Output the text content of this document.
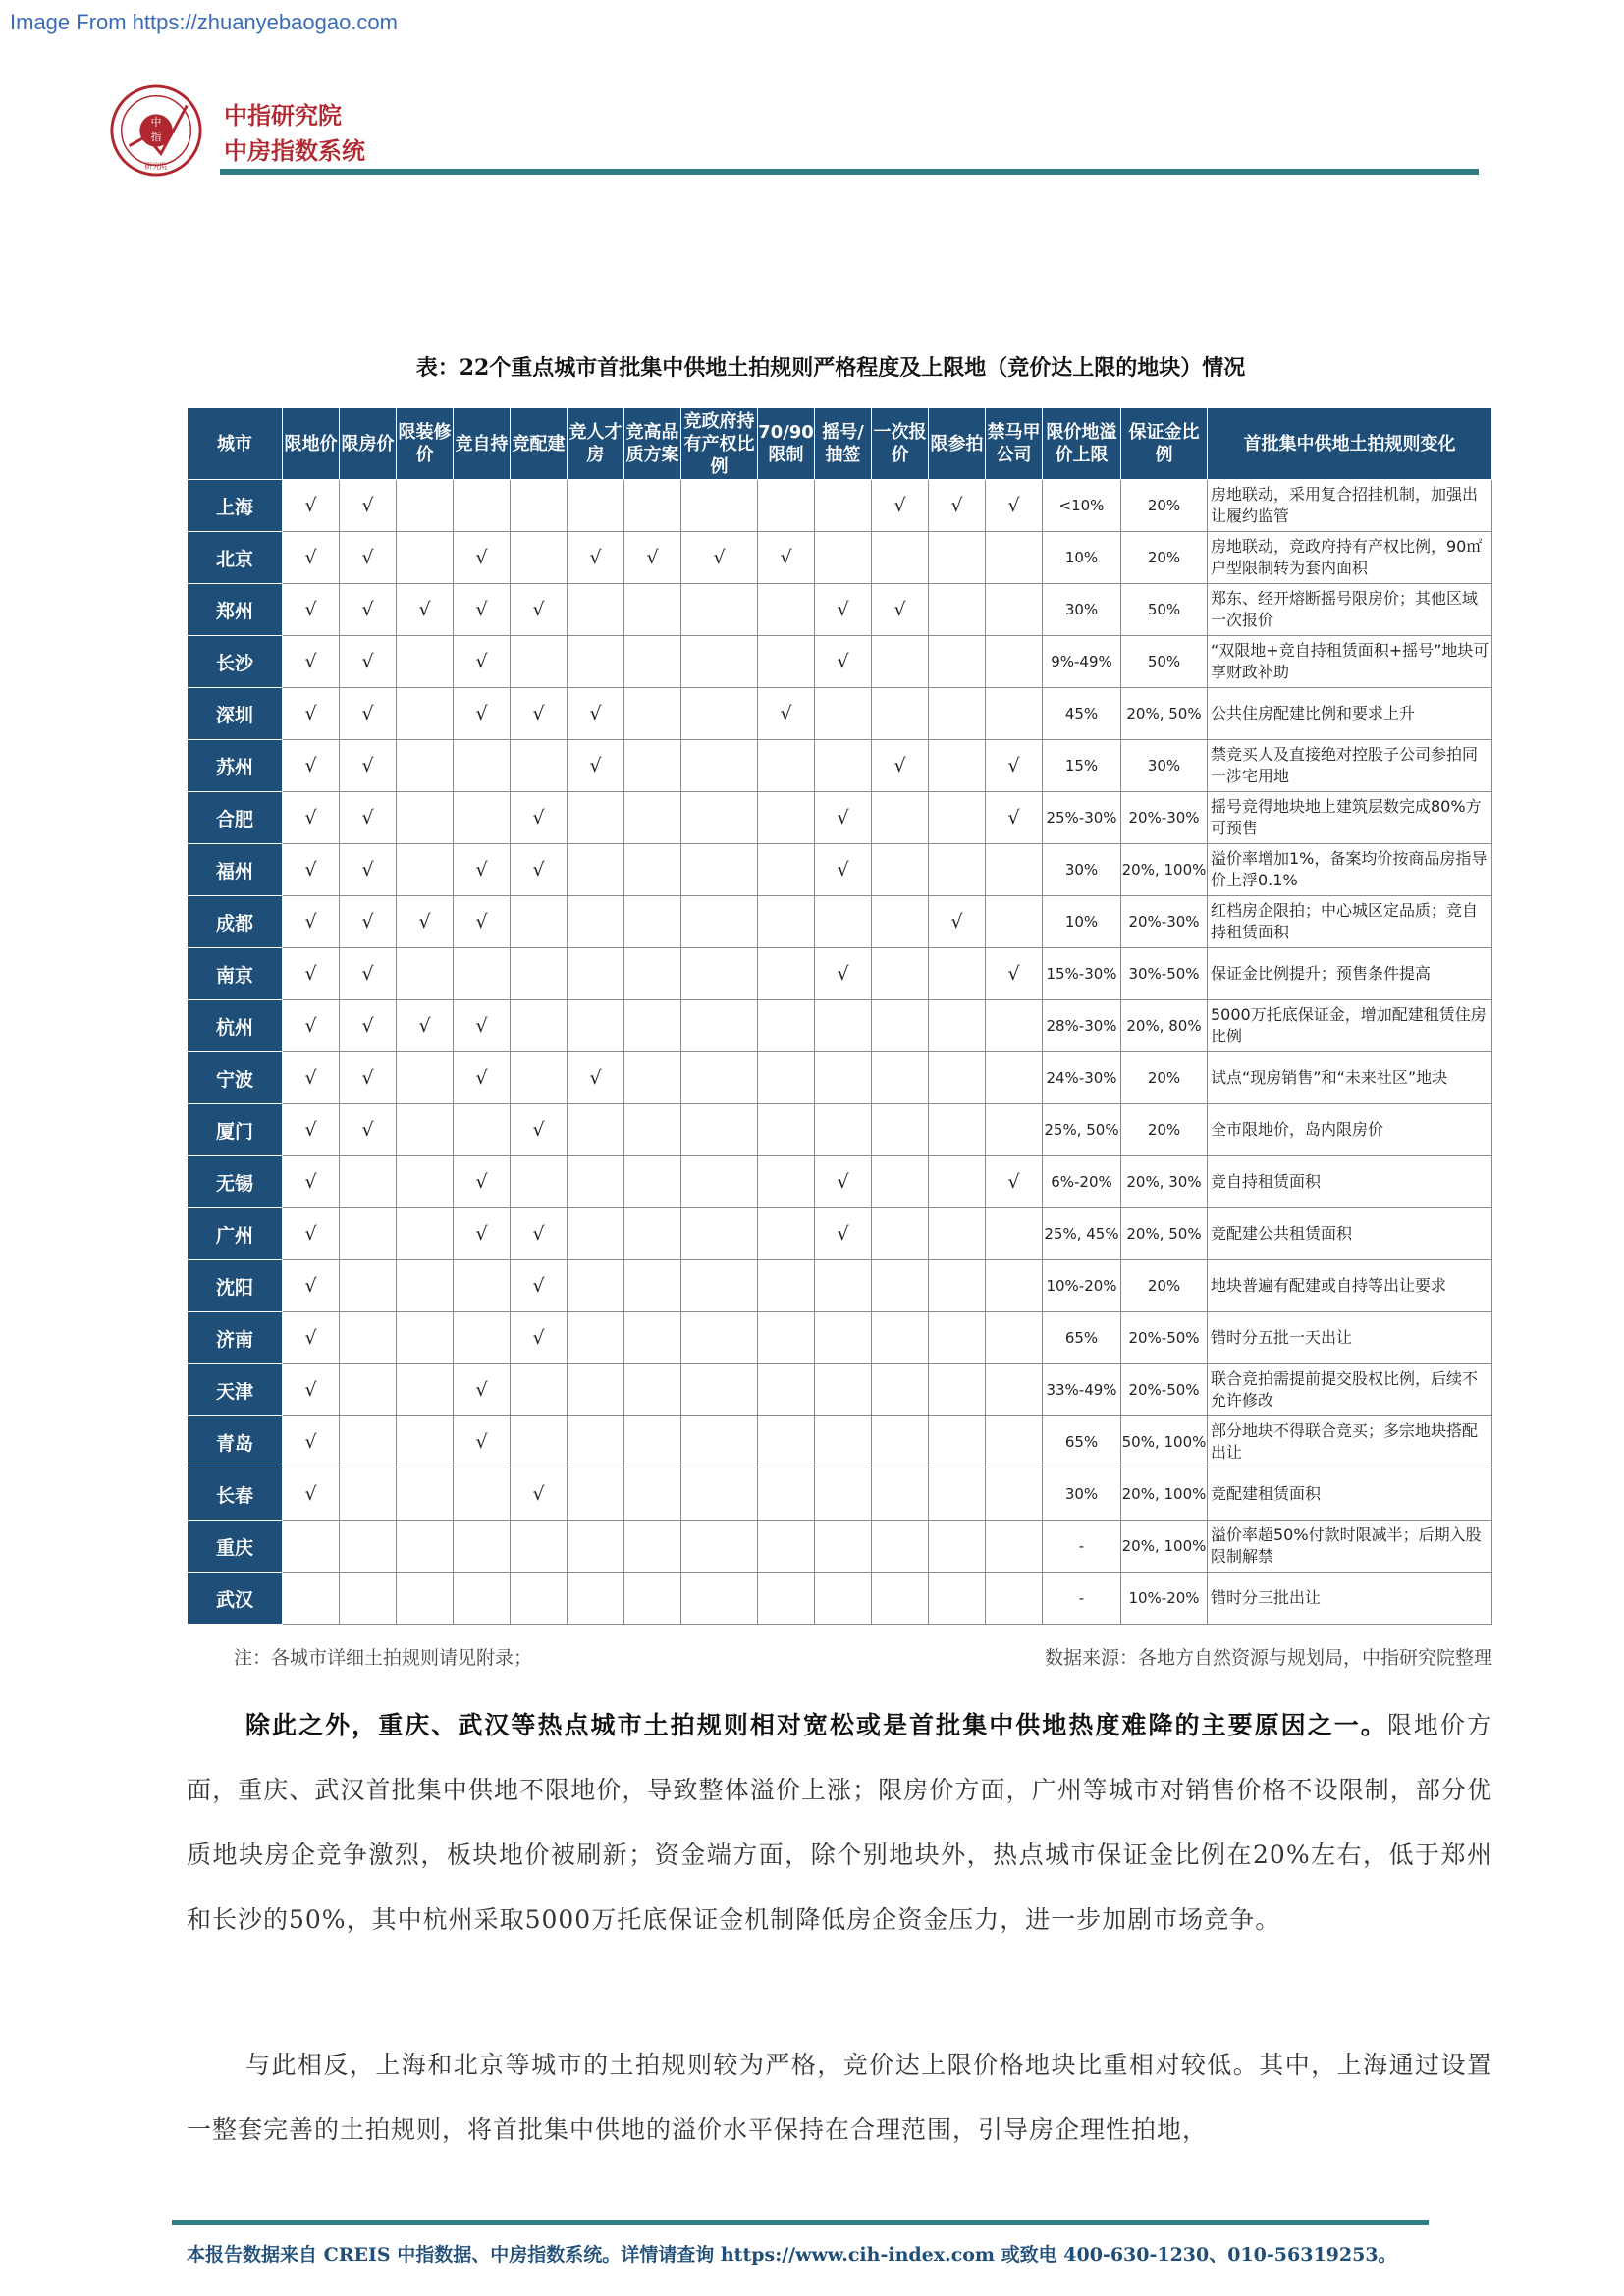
Image From https://zhuanyebaogao.com
中
指
研究院
中指研究院
中房指数系统
表：22个重点城市首批集中供地土拍规则严格程度及上限地（竞价达上限的地块）情况
城市	限地价	限房价	限装修价	竞自持	竞配建	竞人才房	竞高品质方案	竞政府持有产权比例	70/90限制	摇号/抽签	一次报价	限参拍	禁马甲公司	限价地溢价上限	保证金比例	首批集中供地土拍规则变化
上海	√	√									√	√	√	<10%	20%	房地联动，采用复合招挂机制，加强出让履约监管
北京	√	√		√		√	√	√	√					10%	20%	房地联动，竞政府持有产权比例，90㎡户型限制转为套内面积
郑州	√	√	√	√	√					√	√			30%	50%	郑东、经开熔断摇号限房价；其他区域一次报价
长沙	√	√		√						√				9%-49%	50%	“双限地+竞自持租赁面积+摇号”地块可享财政补助
深圳	√	√		√	√	√			√					45%	20%, 50%	公共住房配建比例和要求上升
苏州	√	√				√					√		√	15%	30%	禁竞买人及直接绝对控股子公司参拍同一涉宅用地
合肥	√	√			√					√			√	25%-30%	20%-30%	摇号竞得地块地上建筑层数完成80%方可预售
福州	√	√		√	√					√				30%	20%, 100%	溢价率增加1%，备案均价按商品房指导价上浮0.1%
成都	√	√	√	√								√		10%	20%-30%	红档房企限拍；中心城区定品质；竞自持租赁面积
南京	√	√								√			√	15%-30%	30%-50%	保证金比例提升；预售条件提高
杭州	√	√	√	√										28%-30%	20%, 80%	5000万托底保证金，增加配建租赁住房比例
宁波	√	√		√		√								24%-30%	20%	试点“现房销售”和“未来社区”地块
厦门	√	√			√									25%, 50%	20%	全市限地价，岛内限房价
无锡	√			√						√			√	6%-20%	20%, 30%	竞自持租赁面积
广州	√			√	√					√				25%, 45%	20%, 50%	竞配建公共租赁面积
沈阳	√				√									10%-20%	20%	地块普遍有配建或自持等出让要求
济南	√				√									65%	20%-50%	错时分五批一天出让
天津	√			√										33%-49%	20%-50%	联合竞拍需提前提交股权比例，后续不允许修改
青岛	√			√										65%	50%, 100%	部分地块不得联合竞买；多宗地块搭配出让
长春	√				√									30%	20%, 100%	竞配建租赁面积
重庆														-	20%, 100%	溢价率超50%付款时限减半；后期入股限制解禁
武汉														-	10%-20%	错时分三批出让
注：各城市详细土拍规则请见附录；	数据来源：各地方自然资源与规划局，中指研究院整理
除此之外，重庆、武汉等热点城市土拍规则相对宽松或是首批集中供地热度难降的主要原因之一。限地价方面，重庆、武汉首批集中供地不限地价，导致整体溢价上涨；限房价方面，广州等城市对销售价格不设限制，部分优质地块房企竞争激烈，板块地价被刷新；资金端方面，除个别地块外，热点城市保证金比例在20%左右，低于郑州和长沙的50%，其中杭州采取5000万托底保证金机制降低房企资金压力，进一步加剧市场竞争。
与此相反，上海和北京等城市的土拍规则较为严格，竞价达上限价格地块比重相对较低。其中，上海通过设置一整套完善的土拍规则，将首批集中供地的溢价水平保持在合理范围，引导房企理性拍地，
本报告数据来自 CREIS 中指数据、中房指数系统。详情请查询 https://www.cih-index.com 或致电 400-630-1230、010-56319253。
